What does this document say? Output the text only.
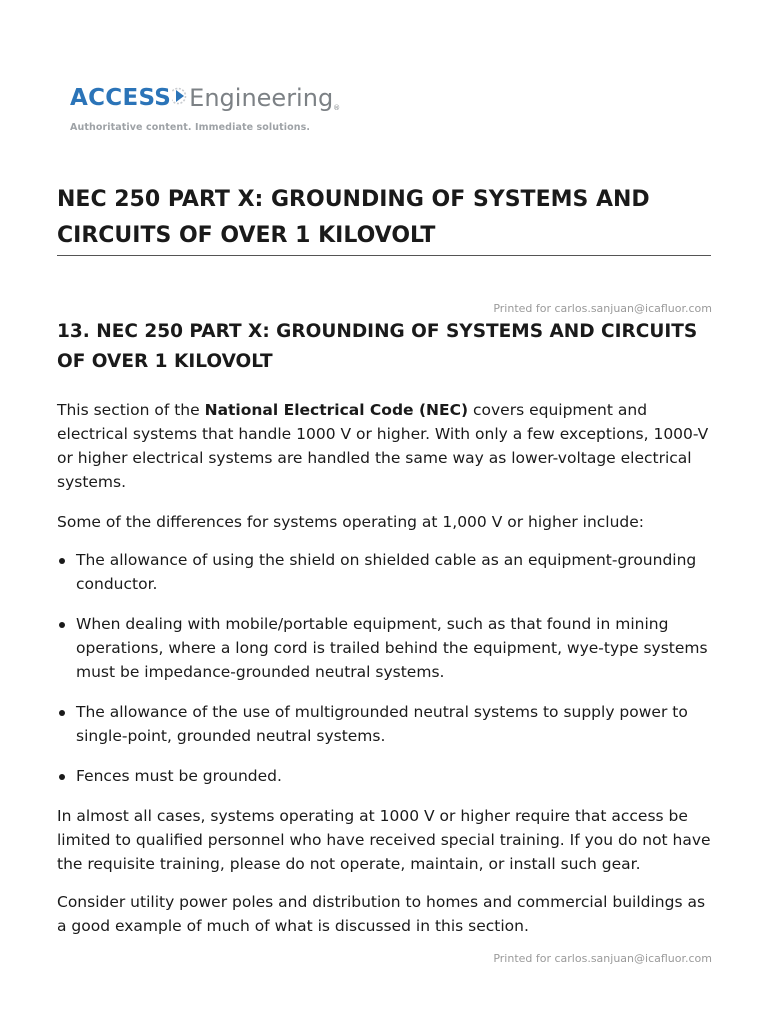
ACCESS Engineering®
Authoritative content. Immediate solutions.
NEC 250 PART X: GROUNDING OF SYSTEMS AND CIRCUITS OF OVER 1 KILOVOLT
Printed for carlos.sanjuan@icafluor.com
13. NEC 250 PART X: GROUNDING OF SYSTEMS AND CIRCUITS OF OVER 1 KILOVOLT

This section of the National Electrical Code (NEC) covers equipment and electrical systems that handle 1000 V or higher. With only a few exceptions, 1000-V or higher electrical systems are handled the same way as lower-voltage electrical systems.

Some of the differences for systems operating at 1,000 V or higher include:

The allowance of using the shield on shielded cable as an equipment-grounding conductor.
When dealing with mobile/portable equipment, such as that found in mining operations, where a long cord is trailed behind the equipment, wye-type systems must be impedance-grounded neutral systems.
The allowance of the use of multigrounded neutral systems to supply power to single-point, grounded neutral systems.
Fences must be grounded.

In almost all cases, systems operating at 1000 V or higher require that access be limited to qualified personnel who have received special training. If you do not have the requisite training, please do not operate, maintain, or install such gear.

Consider utility power poles and distribution to homes and commercial buildings as a good example of much of what is discussed in this section.

Printed for carlos.sanjuan@icafluor.com
